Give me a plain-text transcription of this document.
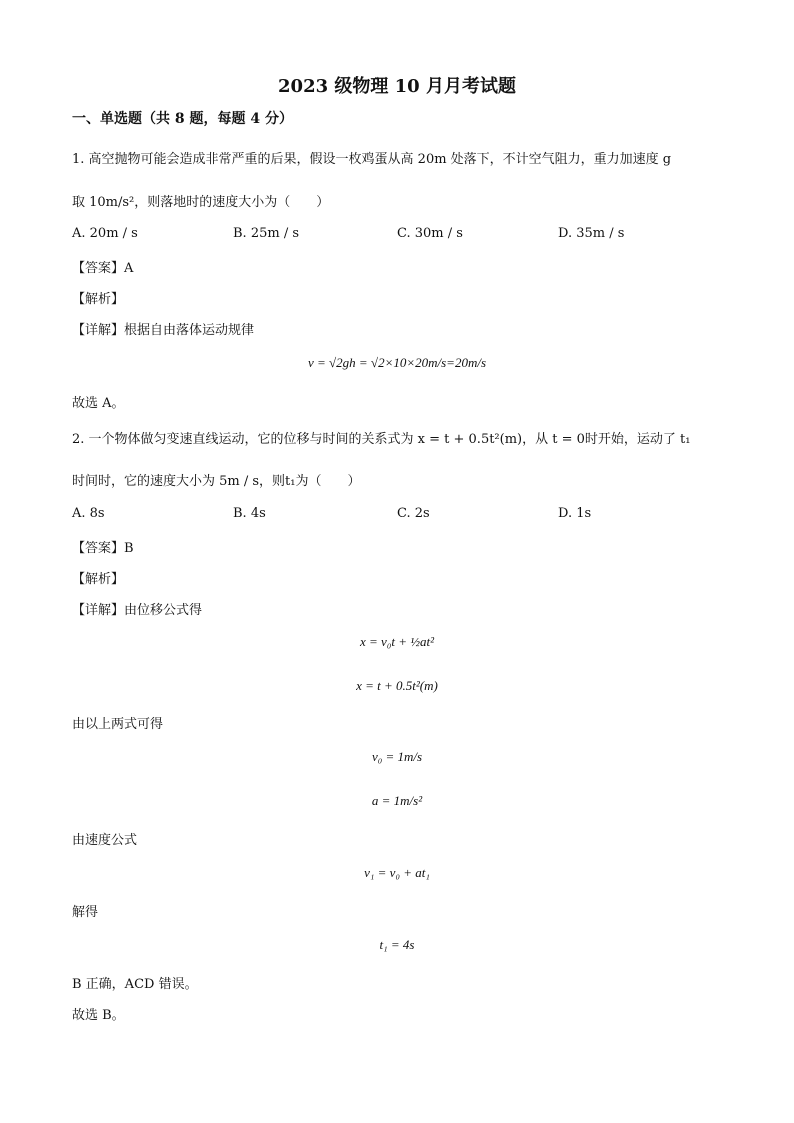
2023 级物理 10 月月考试题
一、单选题（共 8 题，每题 4 分）
1. 高空抛物可能会造成非常严重的后果，假设一枚鸡蛋从高 20m 处落下，不计空气阻力，重力加速度 g
取 10m/s²，则落地时的速度大小为（　　）
A. 20m / s	B. 25m / s	C. 30m / s	D. 35m / s
【答案】A
【解析】
【详解】根据自由落体运动规律
v = √2gh = √2×10×20m/s=20m/s
故选 A。
2. 一个物体做匀变速直线运动，它的位移与时间的关系式为 x = t + 0.5t²(m)，从 t = 0时开始，运动了 t₁
时间时，它的速度大小为 5m / s，则t₁为（　　）
A. 8s	B. 4s	C. 2s	D. 1s
【答案】B
【解析】
【详解】由位移公式得
x = v₀t + ½at²
x = t + 0.5t²(m)
由以上两式可得
v₀ = 1m/s
a = 1m/s²
由速度公式
v₁ = v₀ + at₁
解得
t₁ = 4s
B 正确，ACD 错误。
故选 B。
